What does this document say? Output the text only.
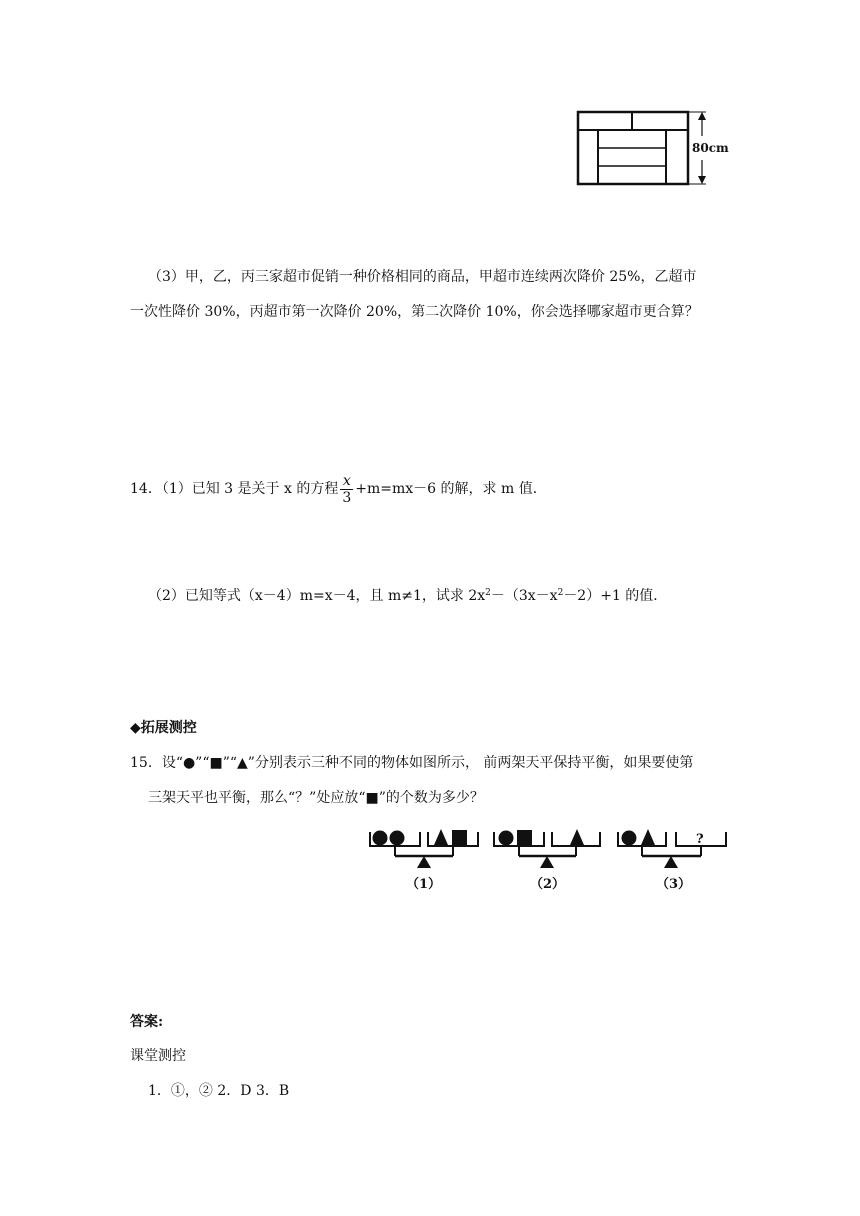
80cm
（3）甲，乙，丙三家超市促销一种价格相同的商品，甲超市连续两次降价 25%，乙超市
一次性降价 30%，丙超市第一次降价 20%，第二次降价 10%，你会选择哪家超市更合算？
14．（1）已知 3 是关于 x 的方程 $\frac{x}{3} +m=mx-6$ 的解，求 m 值．
（2）已知等式（x－4）m=x－4，且 m≠1，试求 $2x^2-(3x-x^2-2)+1$ 的值．
◆拓展测控
15．设“●”“■”“▲”分别表示三种不同的物体如图所示， 前两架天平保持平衡，如果要使第
三架天平也平衡，那么“？”处应放“■”的个数为多少？
（1）	（2）
?
（3）
答案:
课堂测控
1．①，② 2．D 3．B
